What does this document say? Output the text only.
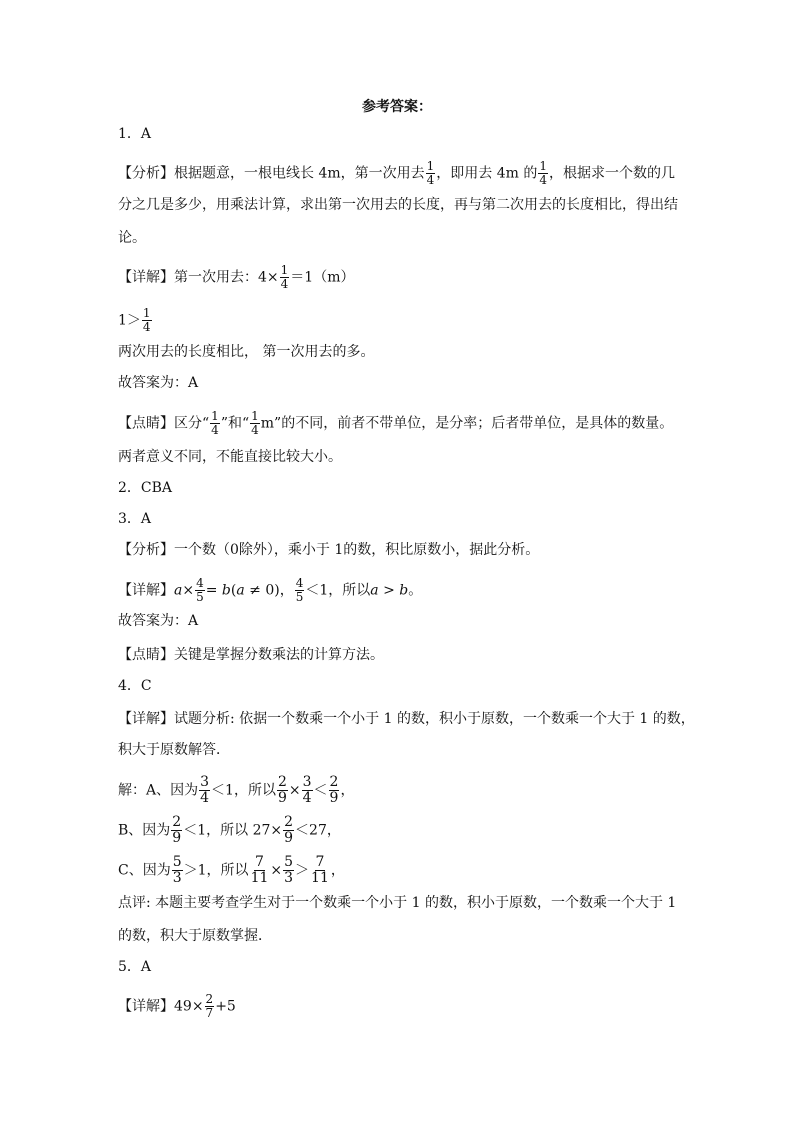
参考答案：
1．A
【分析】根据题意，一根电线长 4m，第一次用去 $\frac{1}{4}$ ，即用去 4m 的 $\frac{1}{4}$ ，根据求一个数的几
分之几是多少，用乘法计算，求出第一次用去的长度，再与第二次用去的长度相比，得出结
论。
【详解】第一次用去：$4\times \frac{1}{4} =1(m)$
$1> \frac{1}{4}$
两次用去的长度相比， 第一次用去的多。
故答案为：A
【点睛】区分“ $\frac{1}{4}$ ”和“ $\frac{1}{4} m$”的不同，前者不带单位，是分率；后者带单位，是具体的数量。
两者意义不同，不能直接比较大小。
2．CBA
3．A
【分析】一个数（0除外），乘小于 1的数，积比原数小，据此分析。
【详解】$a\times \frac{4}{5} = b(a \ne 0)$， $\frac{4}{5} <1$，所以a > b。
故答案为：A
【点睛】关键是掌握分数乘法的计算方法。
4．C
【详解】试题分析: 依据一个数乘一个小于 1 的数，积小于原数，一个数乘一个大于 1 的数，
积大于原数解答．
解：A、因为 $\frac{3}{4} <1$，所以 $\frac{2}{9} \times \frac{3}{4} < \frac{2}{9}$ ，
B、因为 $\frac{2}{9} <1$，所以 $27\times \frac{2}{9} <27$，
C、因为 $\frac{5}{3} >1$，所以 $\frac{7}{11} \times \frac{5}{3} > \frac{7}{11}$ ，
点评: 本题主要考查学生对于一个数乘一个小于 1 的数，积小于原数，一个数乘一个大于 1
的数，积大于原数掌握．
5．A
【详解】$49\times \frac{2}{7} +5$
